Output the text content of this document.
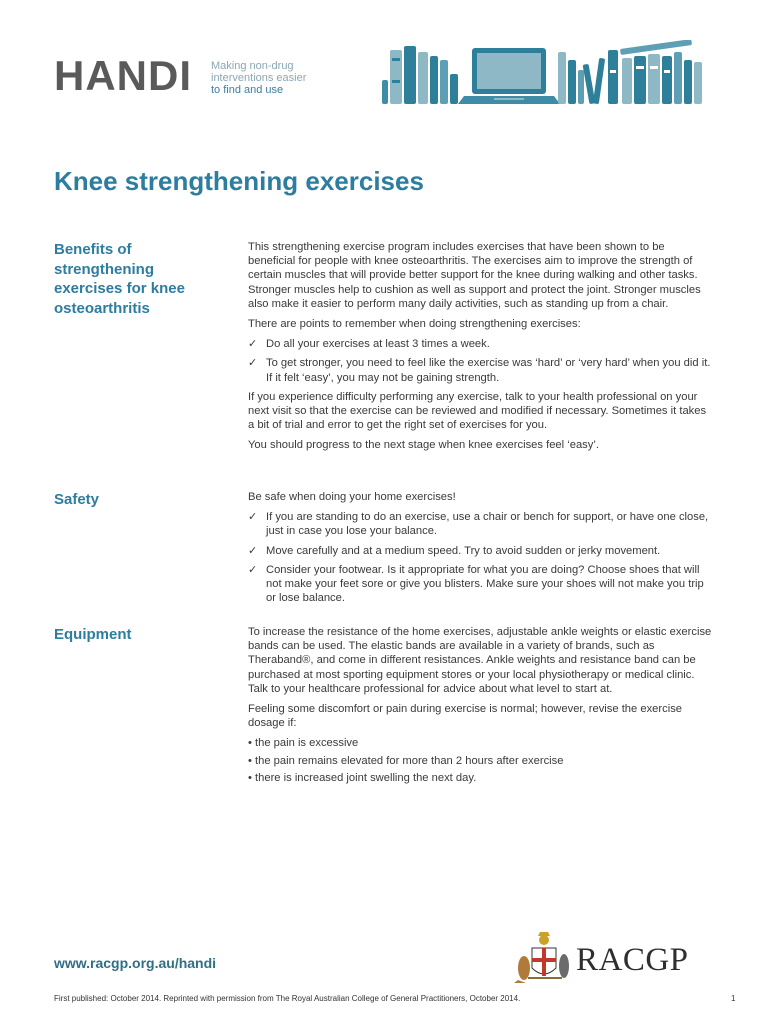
HANDI Making non-drug
interventions easier
to find and use
Knee strengthening exercises
Benefits of strengthening exercises for knee osteoarthritis

This strengthening exercise program includes exercises that have been shown to be beneficial for people with knee osteoarthritis. The exercises aim to improve the strength of certain muscles that will provide better support for the knee during walking and other tasks. Stronger muscles help to cushion as well as support and protect the joint. Stronger muscles also make it easier to perform many daily activities, such as standing up from a chair.

There are points to remember when doing strengthening exercises:

✓ Do all your exercises at least 3 times a week.
✓ To get stronger, you need to feel like the exercise was ‘hard’ or ‘very hard’ when you did it. If it felt ‘easy’, you may not be gaining strength.

If you experience difficulty performing any exercise, talk to your health professional on your next visit so that the exercise can be reviewed and modified if necessary. Sometimes it takes a bit of trial and error to get the right set of exercises for you.

You should progress to the next stage when knee exercises feel ‘easy’.

Safety	Be safe when doing your home exercises!

✓ If you are standing to do an exercise, use a chair or bench for support, or have one close, just in case you lose your balance.
✓ Move carefully and at a medium speed. Try to avoid sudden or jerky movement.
✓ Consider your footwear. Is it appropriate for what you are doing? Choose shoes that will not make your feet sore or give you blisters. Make sure your shoes will not make you trip or lose balance.
Equipment	To increase the resistance of the home exercises, adjustable ankle weights or elastic exercise bands can be used. The elastic bands are available in a variety of brands, such as Theraband®, and come in different resistances. Ankle weights and resistance band can be purchased at most sporting equipment stores or your local physiotherapy or medical clinic. Talk to your healthcare professional for advice about what level to start at.

Feeling some discomfort or pain during exercise is normal; however, revise the exercise dosage if:

• the pain is excessive
• the pain remains elevated for more than 2 hours after exercise
• there is increased joint swelling the next day.
www.racgp.org.au/handi	RACGP
First published: October 2014. Reprinted with permission from The Royal Australian College of General Practitioners, October 2014.	1
